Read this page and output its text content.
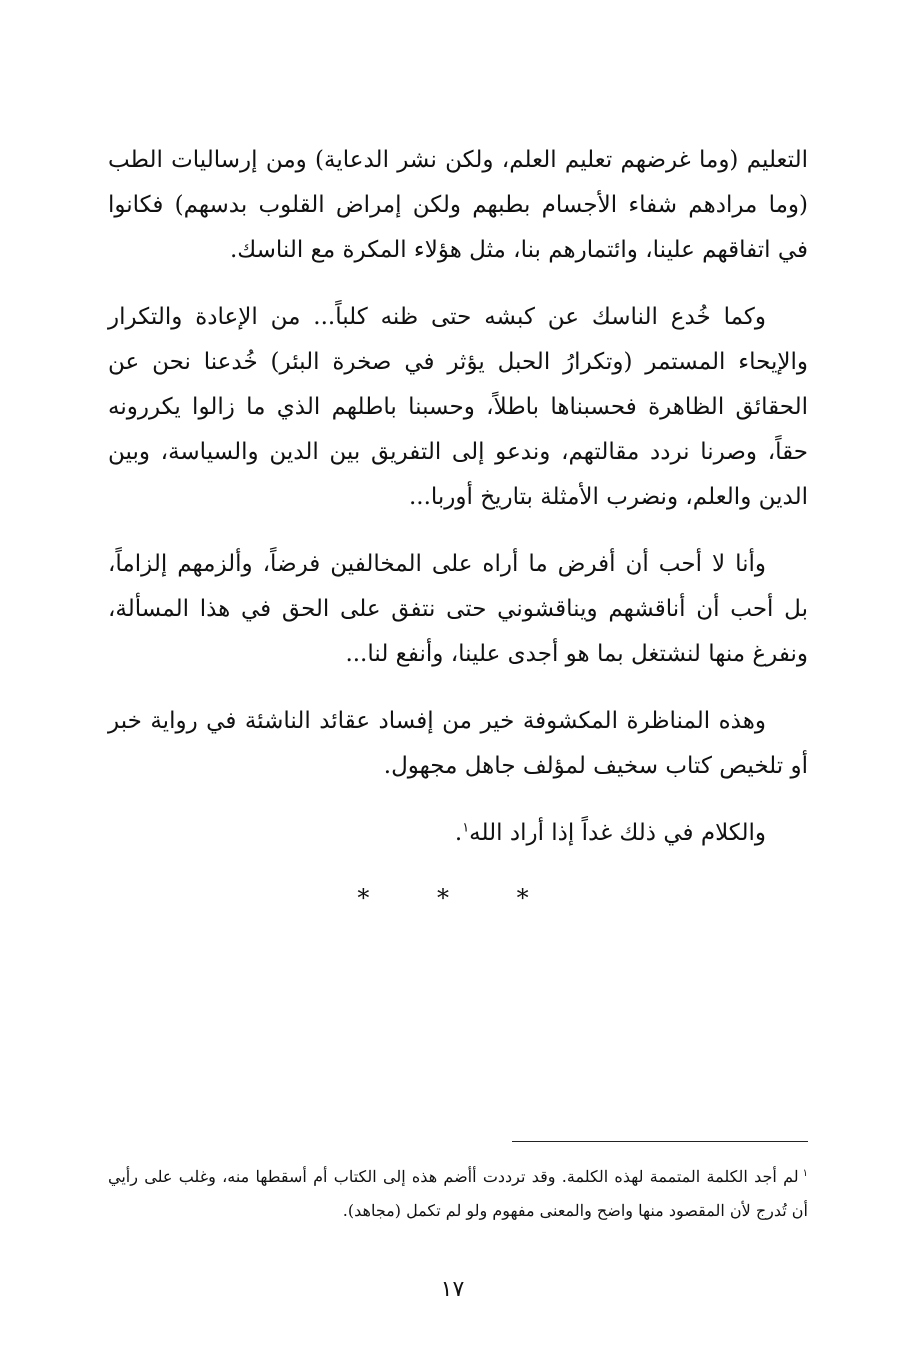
التعليم (وما غرضهم تعليم العلم، ولكن نشر الدعاية) ومن إرساليات الطب (وما مرادهم شفاء الأجسام بطبهم ولكن إمراض القلوب بدسهم) فكانوا في اتفاقهم علينا، وائتمارهم بنا، مثل هؤلاء المكرة مع الناسك.

وكما خُدع الناسك عن كبشه حتى ظنه كلباً... من الإعادة والتكرار والإيحاء المستمر (وتكرارُ الحبل يؤثر في صخرة البئر) خُدعنا نحن عن الحقائق الظاهرة فحسبناها باطلاً، وحسبنا باطلهم الذي ما زالوا يكررونه حقاً، وصرنا نردد مقالتهم، وندعو إلى التفريق بين الدين والسياسة، وبين الدين والعلم، ونضرب الأمثلة بتاريخ أوربا...

وأنا لا أحب أن أفرض ما أراه على المخالفين فرضاً، وألزمهم إلزاماً، بل أحب أن أناقشهم ويناقشوني حتى نتفق على الحق في هذا المسألة، ونفرغ منها لنشتغل بما هو أجدى علينا، وأنفع لنا...

وهذه المناظرة المكشوفة خير من إفساد عقائد الناشئة في رواية خبر أو تلخيص كتاب سخيف لمؤلف جاهل مجهول.

والكلام في ذلك غداً إذا أراد الله$^١$.

* * *
$^١$لم أجد الكلمة المتممة لهذه الكلمة. وقد ترددت أأضم هذه إلى الكتاب أم أسقطها منه، وغلب على رأيي أن تُدرج لأن المقصود منها واضح والمعنى مفهوم ولو لم تكمل (مجاهد).
١٧
